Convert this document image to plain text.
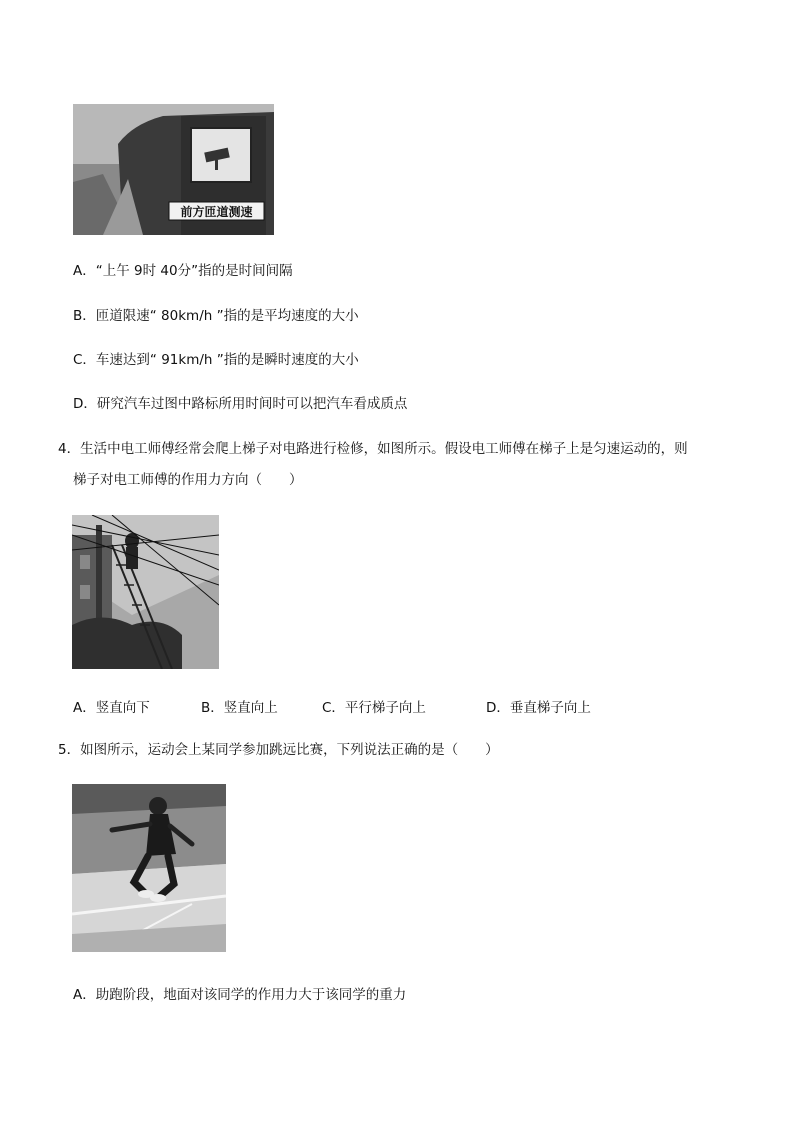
前方匝道测速
A．“上午 9时 40分”指的是时间间隔
B．匝道限速“ 80km/h ”指的是平均速度的大小
C．车速达到“ 91km/h ”指的是瞬时速度的大小
D．研究汽车过图中路标所用时间时可以把汽车看成质点
4．生活中电工师傅经常会爬上梯子对电路进行检修，如图所示。假设电工师傅在梯子上是匀速运动的，则
梯子对电工师傅的作用力方向（　　）
A．竖直向下	B．竖直向上	C．平行梯子向上	D．垂直梯子向上
5．如图所示，运动会上某同学参加跳远比赛，下列说法正确的是（　　）
A．助跑阶段，地面对该同学的作用力大于该同学的重力
